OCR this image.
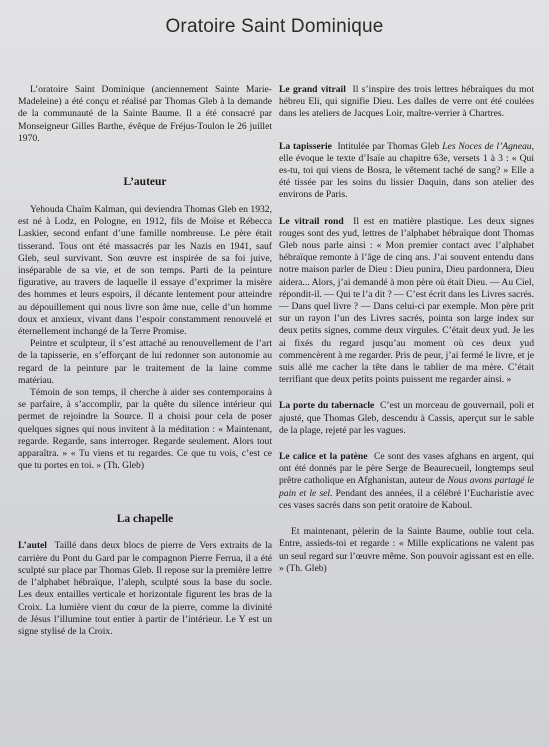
Oratoire Saint Dominique

L’oratoire Saint Dominique (anciennement Sainte Marie-Madeleine) a été conçu et réalisé par Thomas Gleb à la demande de la communauté de la Sainte Baume. Il a été consacré par Monseigneur Gilles Barthe, évêque de Fréjus-Toulon le 26 juillet 1970.

L’auteur

Yehouda Chaïm Kalman, qui deviendra Thomas Gleb en 1932, est né à Lodz, en Pologne, en 1912, fils de Moïse et Rébecca Laskier, second enfant d’une famille nombreuse. Le père était tisserand. Tous ont été massacrés par les Nazis en 1941, sauf Gleb, seul survivant. Son œuvre est inspirée de sa foi juive, inséparable de sa vie, et de son temps. Parti de la peinture figurative, au travers de laquelle il essaye d’exprimer la misère des hommes et leurs espoirs, il décante lentement pour atteindre au dépouillement qui nous livre son âme nue, celle d’un homme doux et anxieux, vivant dans l’espoir constamment renouvelé et éternellement inchangé de la Terre Promise.

Peintre et sculpteur, il s’est attaché au renouvellement de l’art de la tapisserie, en s’efforçant de lui redonner son autonomie au regard de la peinture par le traitement de la laine comme matériau.

Témoin de son temps, il cherche à aider ses contemporains à se parfaire, à s’accomplir, par la quête du silence intérieur qui permet de rejoindre la Source. Il a choisi pour cela de poser quelques signes qui nous invitent à la méditation : « Maintenant, regarde. Regarde, sans interroger. Regarde seulement. Alors tout apparaîtra. » « Tu viens et tu regardes. Ce que tu vois, c’est ce que tu portes en toi. » (Th. Gleb)

La chapelle

L’autel Taillé dans deux blocs de pierre de Vers extraits de la carrière du Pont du Gard par le compagnon Pierre Ferrua, il a été sculpté sur place par Thomas Gleb. Il repose sur la première lettre de l’alphabet hébraïque, l’aleph, sculpté sous la base du socle. Les deux entailles verticale et horizontale figurent les bras de la Croix. La lumière vient du cœur de la pierre, comme la divinité de Jésus l’illumine tout entier à partir de l’intérieur. Le Y est un signe stylisé de la Croix.

Le grand vitrail Il s’inspire des trois lettres hébraïques du mot hébreu Eli, qui signifie Dieu. Les dalles de verre ont été coulées dans les ateliers de Jacques Loir, maître-verrier à Chartres.

La tapisserie Intitulée par Thomas Gleb Les Noces de l’Agneau, elle évoque le texte d’Isaïe au chapitre 63e, versets 1 à 3 : « Qui es-tu, toi qui viens de Bosra, le vêtement taché de sang? » Elle a été tissée par les soins du lissier Daquin, dans son atelier des environs de Paris.

Le vitrail rond Il est en matière plastique. Les deux signes rouges sont des yud, lettres de l’alphabet hébraïque dont Thomas Gleb nous parle ainsi : « Mon premier contact avec l’alphabet hébraïque remonte à l’âge de cinq ans. J’ai souvent entendu dans notre maison parler de Dieu : Dieu punira, Dieu pardonnera, Dieu aidera... Alors, j’ai demandé à mon père où était Dieu. — Au Ciel, répondit-il. — Qui te l’a dit ? — C’est écrit dans les Livres sacrés. — Dans quel livre ? — Dans celui-ci par exemple. Mon père prit sur un rayon l’un des Livres sacrés, pointa son large index sur deux petits signes, comme deux virgules. C’était deux yud. Je les ai fixés du regard jusqu’au moment où ces deux yud commencèrent à me regarder. Pris de peur, j’ai fermé le livre, et je suis allé me cacher la tête dans le tablier de ma mère. C’était terrifiant que deux petits points puissent me regarder ainsi. »

La porte du tabernacle C’est un morceau de gouvernail, poli et ajusté, que Thomas Gleb, descendu à Cassis, aperçut sur le sable de la plage, rejeté par les vagues.

Le calice et la patène Ce sont des vases afghans en argent, qui ont été donnés par le père Serge de Beaurecueil, longtemps seul prêtre catholique en Afghanistan, auteur de Nous avons partagé le pain et le sel. Pendant des années, il a célébré l’Eucharistie avec ces vases sacrés dans son petit oratoire de Kaboul.

Et maintenant, pèlerin de la Sainte Baume, oublie tout cela. Entre, assieds-toi et regarde : « Mille explications ne valent pas un seul regard sur l’œuvre même. Son pouvoir agissant est en elle. » (Th. Gleb)
